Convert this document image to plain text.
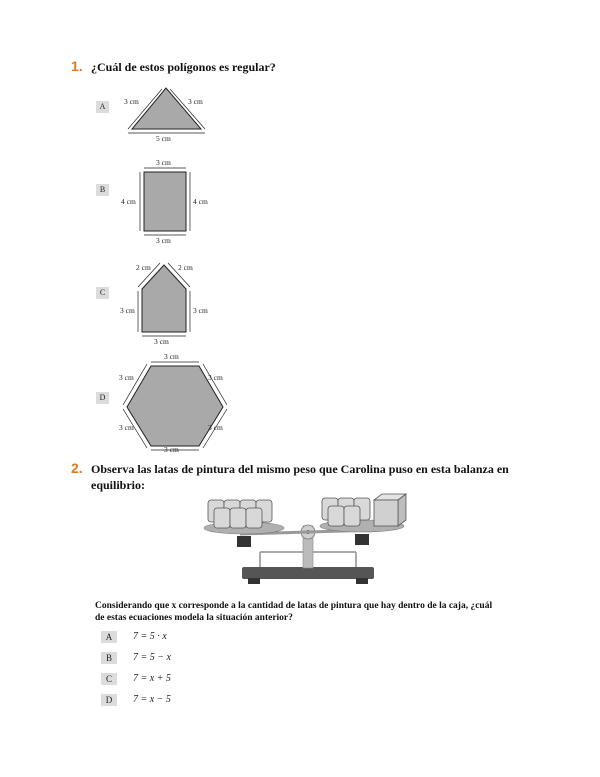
1. ¿Cuál de estos polígonos es regular?
A
3 cm	3 cm
5 cm
B
3 cm
4 cm	4 cm
3 cm
C
2 cm	2 cm
3 cm	3 cm
3 cm
D
3 cm
3 cm	3 cm
3 cm	3 cm
3 cm
2. Observa las latas de pintura del mismo peso que Carolina puso en esta balanza en
equilibrio:
Considerando que x corresponde a la cantidad de latas de pintura que hay dentro de la caja, ¿cuál
de estas ecuaciones modela la situación anterior?
A	7 = 5 · x
B	7 = 5 − x
C	7 = x + 5
D	7 = x − 5
